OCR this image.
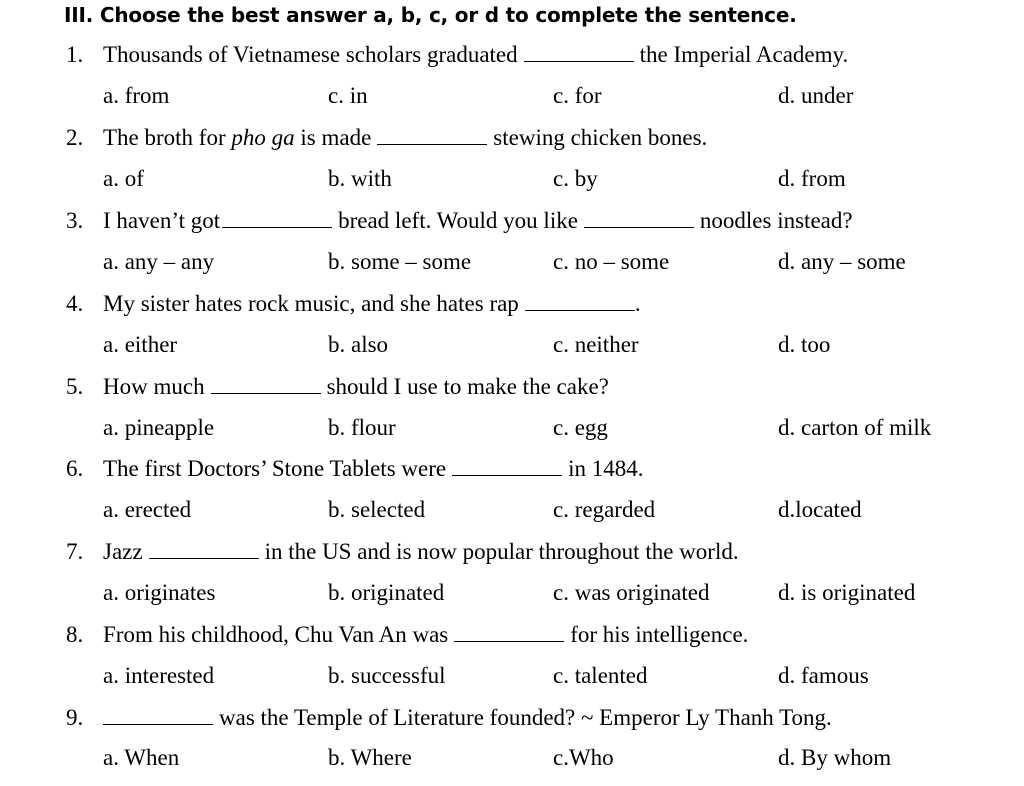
III. Choose the best answer a, b, c, or d to complete the sentence.
1. Thousands of Vietnamese scholars graduated	the Imperial Academy.
a. from	c. in	c. for	d. under
2. The broth for pho ga is made	stewing chicken bones.
a. of	b. with	c. by	d. from
3. I haven’t got	bread left. Would you like	noodles instead?
a. any – any	b. some – some	c. no – some	d. any – some
4. My sister hates rock music, and she hates rap	.
a. either	b. also	c. neither	d. too
5. How much	should I use to make the cake?
a. pineapple	b. flour	c. egg	d. carton of milk
6. The first Doctors’ Stone Tablets were	in 1484.
a. erected	b. selected	c. regarded	d.located
7. Jazz	in the US and is now popular throughout the world.
a. originates	b. originated	c. was originated	d. is originated
8. From his childhood, Chu Van An was	for his intelligence.
a. interested	b. successful	c. talented	d. famous
9.	was the Temple of Literature founded? ~ Emperor Ly Thanh Tong.
a. When	b. Where	c.Who	d. By whom
